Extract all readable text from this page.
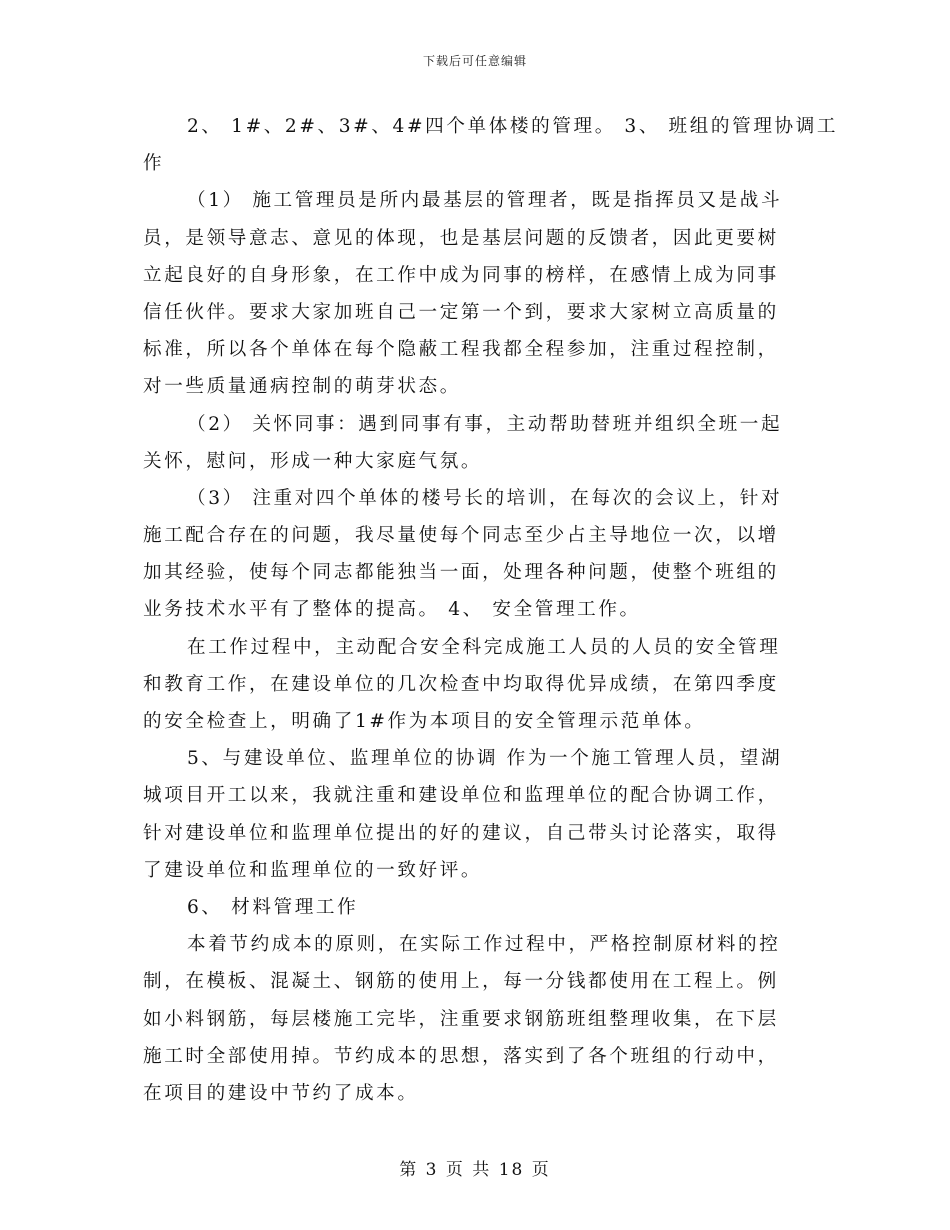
下载后可任意编辑
2、 1#、2#、3#、4#四个单体楼的管理。 3、 班组的管理协调工
作
（1） 施工管理员是所内最基层的管理者，既是指挥员又是战斗
员，是领导意志、意见的体现，也是基层问题的反馈者，因此更要树
立起良好的自身形象，在工作中成为同事的榜样，在感情上成为同事
信任伙伴。要求大家加班自己一定第一个到，要求大家树立高质量的
标准，所以各个单体在每个隐蔽工程我都全程参加，注重过程控制，
对一些质量通病控制的萌芽状态。
（2） 关怀同事：遇到同事有事，主动帮助替班并组织全班一起
关怀，慰问，形成一种大家庭气氛。
（3） 注重对四个单体的楼号长的培训，在每次的会议上，针对
施工配合存在的问题，我尽量使每个同志至少占主导地位一次，以增
加其经验，使每个同志都能独当一面，处理各种问题，使整个班组的
业务技术水平有了整体的提高。 4、 安全管理工作。
在工作过程中，主动配合安全科完成施工人员的人员的安全管理
和教育工作，在建设单位的几次检查中均取得优异成绩，在第四季度
的安全检查上，明确了1#作为本项目的安全管理示范单体。
5、与建设单位、监理单位的协调 作为一个施工管理人员，望湖
城项目开工以来，我就注重和建设单位和监理单位的配合协调工作，
针对建设单位和监理单位提出的好的建议，自己带头讨论落实，取得
了建设单位和监理单位的一致好评。
6、 材料管理工作
本着节约成本的原则，在实际工作过程中，严格控制原材料的控
制，在模板、混凝土、钢筋的使用上，每一分钱都使用在工程上。例
如小料钢筋，每层楼施工完毕，注重要求钢筋班组整理收集，在下层
施工时全部使用掉。节约成本的思想，落实到了各个班组的行动中，
在项目的建设中节约了成本。
第 3 页 共 18 页
